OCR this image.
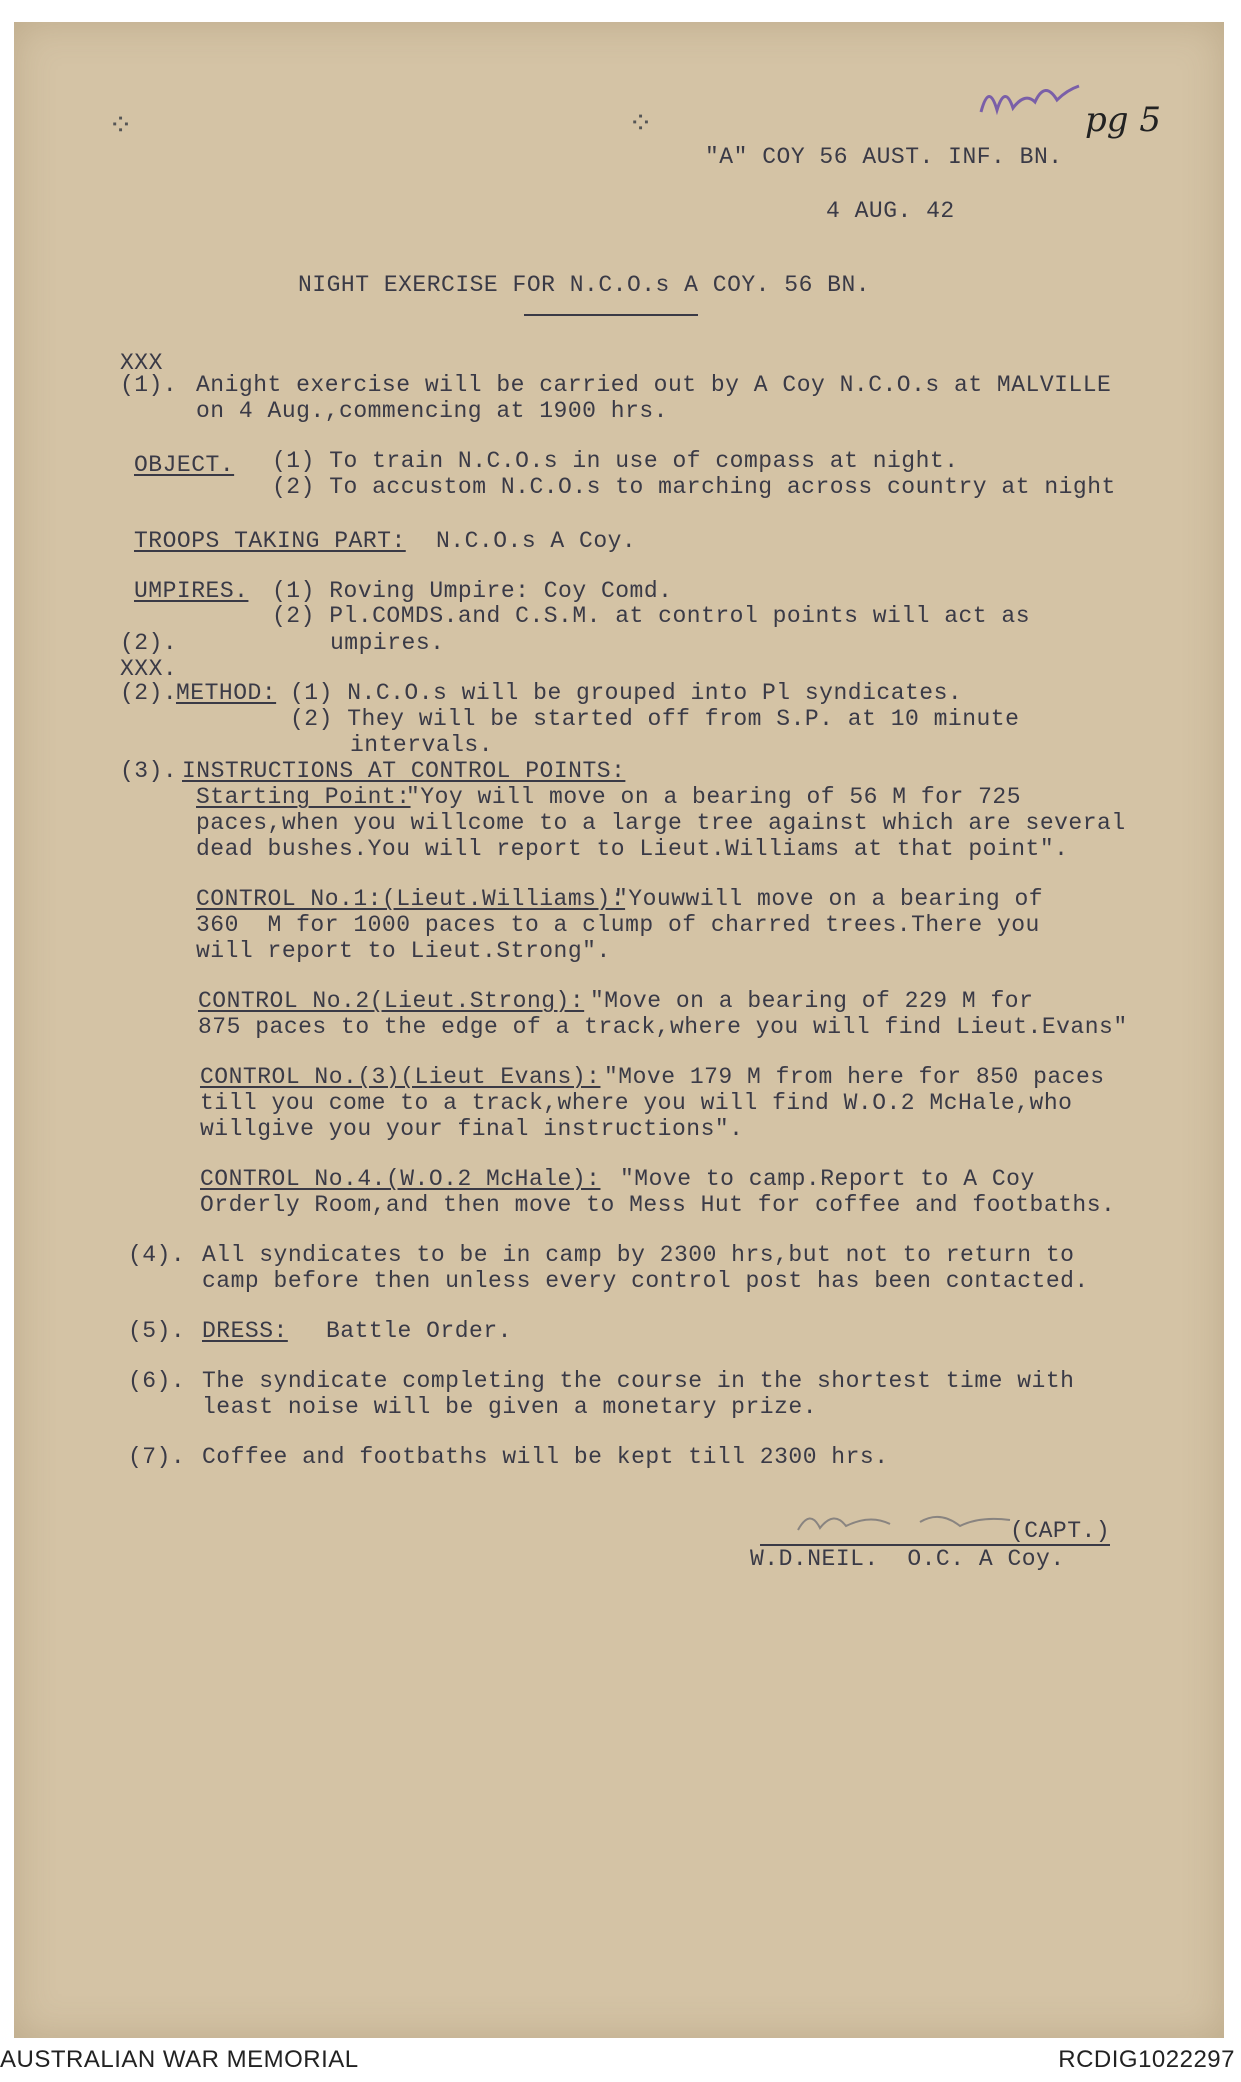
⁘	⁘	pg 5
"A" COY 56 AUST. INF. BN.
4 AUG. 42
NIGHT EXERCISE FOR N.C.O.s A COY. 56 BN.
XXX
(1). Anight exercise will be carried out by A Coy N.C.O.s at MALVILLE
on 4 Aug.,commencing at 1900 hrs.
OBJECT. (1) To train N.C.O.s in use of compass at night.
(2) To accustom N.C.O.s to marching across country at night
TROOPS TAKING PART: N.C.O.s A Coy.
UMPIRES. (1) Roving Umpire: Coy Comd.
(2) Pl.COMDS.and C.S.M. at control points will act as
(2).	umpires.
XXX.
(2).
METHOD: (1) N.C.O.s will be grouped into Pl syndicates.
(2) They will be started off from S.P. at 10 minute
intervals.
(3). INSTRUCTIONS AT CONTROL POINTS:
Starting Point:
"Yoy will move on a bearing of 56 M for 725
paces,when you willcome to a large tree against which are several
dead bushes.You will report to Lieut.Williams at that point".
CONTROL No.1:(Lieut.Williams):
"Youwwill move on a bearing of
360  M for 1000 paces to a clump of charred trees.There you
will report to Lieut.Strong".
CONTROL No.2(Lieut.Strong): "Move on a bearing of 229 M for
875 paces to the edge of a track,where you will find Lieut.Evans"
CONTROL No.(3)(Lieut Evans): "Move 179 M from here for 850 paces
till you come to a track,where you will find W.O.2 McHale,who
willgive you your final instructions".
CONTROL No.4.(W.O.2 McHale): "Move to camp.Report to A Coy
Orderly Room,and then move to Mess Hut for coffee and footbaths.
(4). All syndicates to be in camp by 2300 hrs,but not to return to
camp before then unless every control post has been contacted.
(5). DRESS: Battle Order.
(6). The syndicate completing the course in the shortest time with
least noise will be given a monetary prize.
(7). Coffee and footbaths will be kept till 2300 hrs.
(CAPT.)
W.D.NEIL.  O.C. A Coy.
AUSTRALIAN WAR MEMORIAL	RCDIG1022297
